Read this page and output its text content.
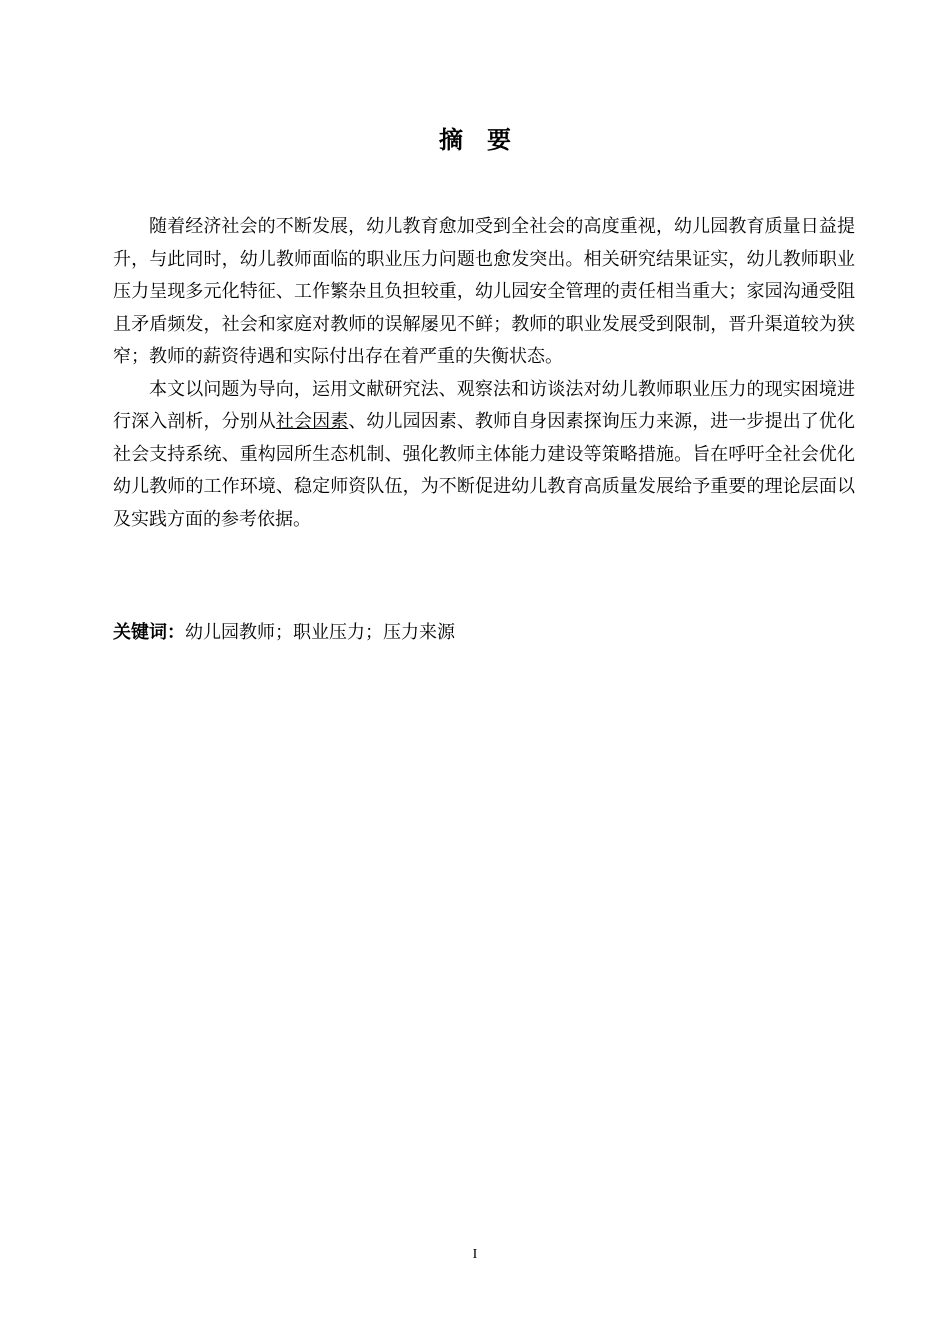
摘 要

随着经济社会的不断发展，幼儿教育愈加受到全社会的高度重视，幼儿园教育质量日益提升，与此同时，幼儿教师面临的职业压力问题也愈发突出。相关研究结果证实，幼儿教师职业压力呈现多元化特征、工作繁杂且负担较重，幼儿园安全管理的责任相当重大；家园沟通受阻且矛盾频发，社会和家庭对教师的误解屡见不鲜；教师的职业发展受到限制，晋升渠道较为狭窄；教师的薪资待遇和实际付出存在着严重的失衡状态。

本文以问题为导向，运用文献研究法、观察法和访谈法对幼儿教师职业压力的现实困境进行深入剖析，分别从社会因素、幼儿园因素、教师自身因素探询压力来源，进一步提出了优化社会支持系统、重构园所生态机制、强化教师主体能力建设等策略措施。旨在呼吁全社会优化幼儿教师的工作环境、稳定师资队伍，为不断促进幼儿教育高质量发展给予重要的理论层面以及实践方面的参考依据。

关键词：幼儿园教师；职业压力；压力来源
I
